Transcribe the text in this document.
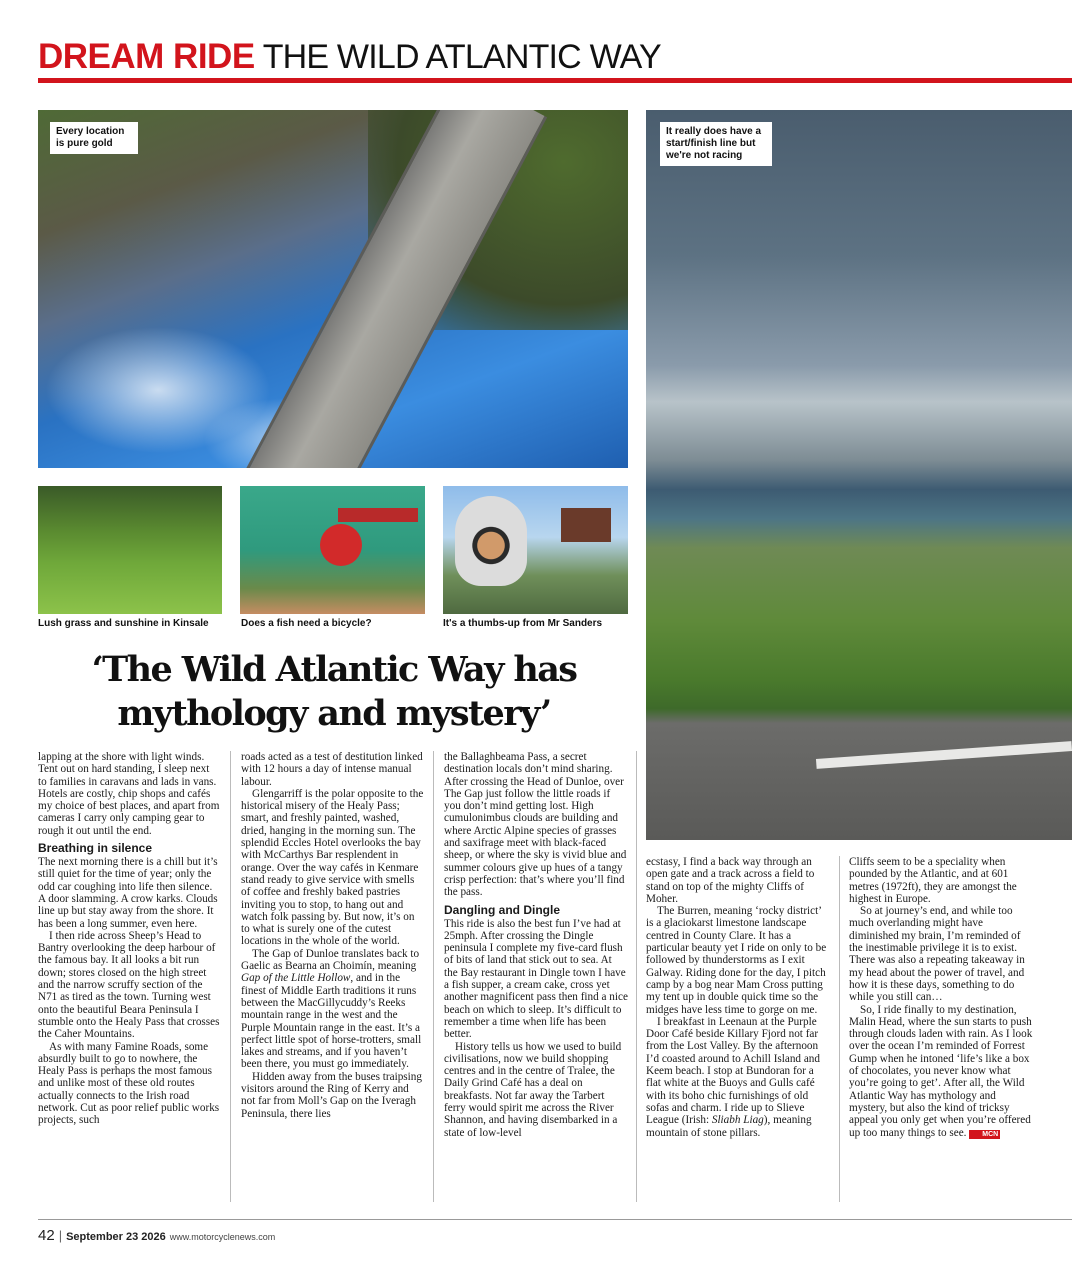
DREAM RIDE THE WILD ATLANTIC WAY
Every location is pure gold
It really does have a start/finish line but we're not racing
Lush grass and sunshine in Kinsale	Does a fish need a bicycle?	It's a thumbs-up from Mr Sanders
‘The Wild Atlantic Way has
mythology and mystery’

lapping at the shore with light winds. Tent out on hard standing, I sleep next to families in caravans and lads in vans. Hotels are costly, chip shops and cafés my choice of best places, and apart from cameras I carry only camping gear to rough it out until the end.

Breathing in silence

The next morning there is a chill but it’s still quiet for the time of year; only the odd car coughing into life then silence. A door slamming. A crow karks. Clouds line up but stay away from the shore. It has been a long summer, even here.

I then ride across Sheep’s Head to Bantry overlooking the deep harbour of the famous bay. It all looks a bit run down; stores closed on the high street and the narrow scruffy section of the N71 as tired as the town. Turning west onto the beautiful Beara Peninsula I stumble onto the Healy Pass that crosses the Caher Mountains.

As with many Famine Roads, some absurdly built to go to nowhere, the Healy Pass is perhaps the most famous and unlike most of these old routes actually connects to the Irish road network. Cut as poor relief public works projects, such

roads acted as a test of destitution linked with 12 hours a day of intense manual labour.

Glengarriff is the polar opposite to the historical misery of the Healy Pass; smart, and freshly painted, washed, dried, hanging in the morning sun. The splendid Eccles Hotel overlooks the bay with McCarthys Bar resplendent in orange. Over the way cafés in Kenmare stand ready to give service with smells of coffee and freshly baked pastries inviting you to stop, to hang out and watch folk passing by. But now, it’s on to what is surely one of the cutest locations in the whole of the world.

The Gap of Dunloe translates back to Gaelic as Bearna an Choimín, meaning Gap of the Little Hollow, and in the finest of Middle Earth traditions it runs between the MacGillycuddy’s Reeks mountain range in the west and the Purple Mountain range in the east. It’s a perfect little spot of horse-trotters, small lakes and streams, and if you haven’t been there, you must go immediately.

Hidden away from the buses traipsing visitors around the Ring of Kerry and not far from Moll’s Gap on the Iveragh Peninsula, there lies

the Ballaghbeama Pass, a secret destination locals don’t mind sharing. After crossing the Head of Dunloe, over The Gap just follow the little roads if you don’t mind getting lost. High cumulonimbus clouds are building and where Arctic Alpine species of grasses and saxifrage meet with black-faced sheep, or where the sky is vivid blue and summer colours give up hues of a tangy crisp perfection: that’s where you’ll find the pass.

Dangling and Dingle

This ride is also the best fun I’ve had at 25mph. After crossing the Dingle peninsula I complete my five-card flush of bits of land that stick out to sea. At the Bay restaurant in Dingle town I have a fish supper, a cream cake, cross yet another magnificent pass then find a nice beach on which to sleep. It’s difficult to remember a time when life has been better.

History tells us how we used to build civilisations, now we build shopping centres and in the centre of Tralee, the Daily Grind Café has a deal on breakfasts. Not far away the Tarbert ferry would spirit me across the River Shannon, and having disembarked in a state of low-level

ecstasy, I find a back way through an open gate and a track across a field to stand on top of the mighty Cliffs of Moher.

The Burren, meaning ‘rocky district’ is a glaciokarst limestone landscape centred in County Clare. It has a particular beauty yet I ride on only to be followed by thunderstorms as I exit Galway. Riding done for the day, I pitch camp by a bog near Mam Cross putting my tent up in double quick time so the midges have less time to gorge on me.

I breakfast in Leenaun at the Purple Door Café beside Killary Fjord not far from the Lost Valley. By the afternoon I’d coasted around to Achill Island and Keem beach. I stop at Bundoran for a flat white at the Buoys and Gulls café with its boho chic furnishings of old sofas and charm. I ride up to Slieve League (Irish: Sliabh Liag), meaning mountain of stone pillars.

Cliffs seem to be a speciality when pounded by the Atlantic, and at 601 metres (1972ft), they are amongst the highest in Europe.

So at journey’s end, and while too much overlanding might have diminished my brain, I’m reminded of the inestimable privilege it is to exist. There was also a repeating takeaway in my head about the power of travel, and how it is these days, something to do while you still can…

So, I ride finally to my destination, Malin Head, where the sun starts to push through clouds laden with rain. As I look over the ocean I’m reminded of Forrest Gump when he intoned ‘life’s like a box of chocolates, you never know what you’re going to get’. After all, the Wild Atlantic Way has mythology and mystery, but also the kind of tricksy appeal you only get when you’re offered up too many things to see. MCN

42 | September 23 2026 www.motorcyclenews.com
